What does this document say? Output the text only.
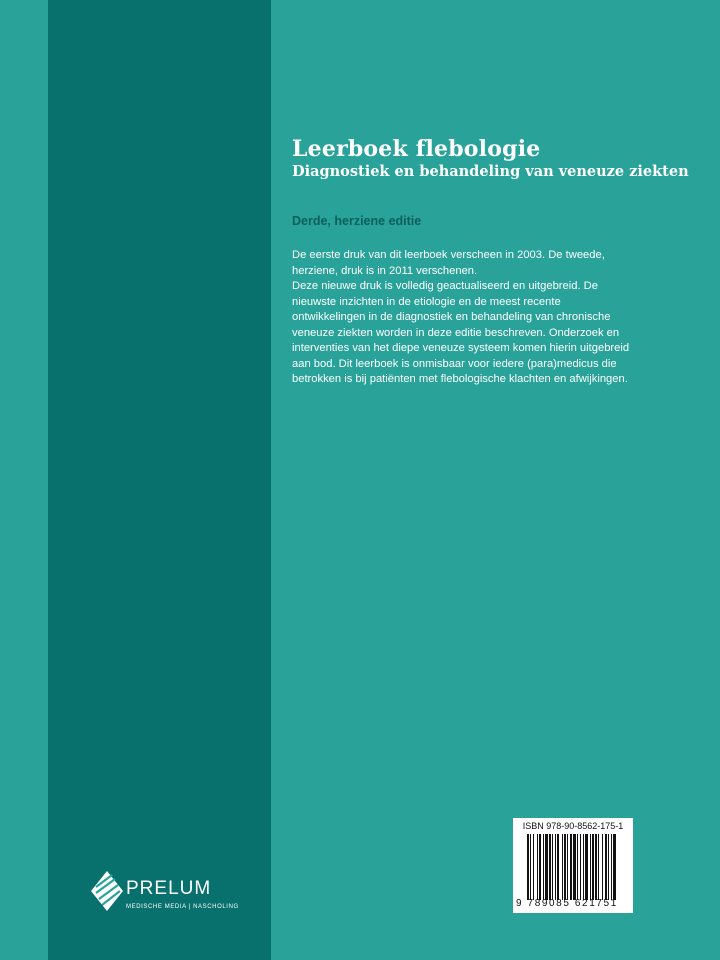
Leerboek flebologie
Diagnostiek en behandeling van veneuze ziekten
Derde, herziene editie

De eerste druk van dit leerboek verscheen in 2003. De tweede, herziene, druk is in 2011 verschenen.

Deze nieuwe druk is volledig geactualiseerd en uitgebreid. De nieuwste inzichten in de etiologie en de meest recente ontwikkelingen in de diagnostiek en behandeling van chronische veneuze ziekten worden in deze editie beschreven. Onderzoek en interventies van het diepe veneuze systeem komen hierin uitgebreid aan bod. Dit leerboek is onmisbaar voor iedere (para)medicus die betrokken is bij patiënten met flebologische klachten en afwijkingen.

PRELUM
MEDISCHE MEDIA | NASCHOLING
ISBN 978-90-8562-175-1
9 789085 621751
